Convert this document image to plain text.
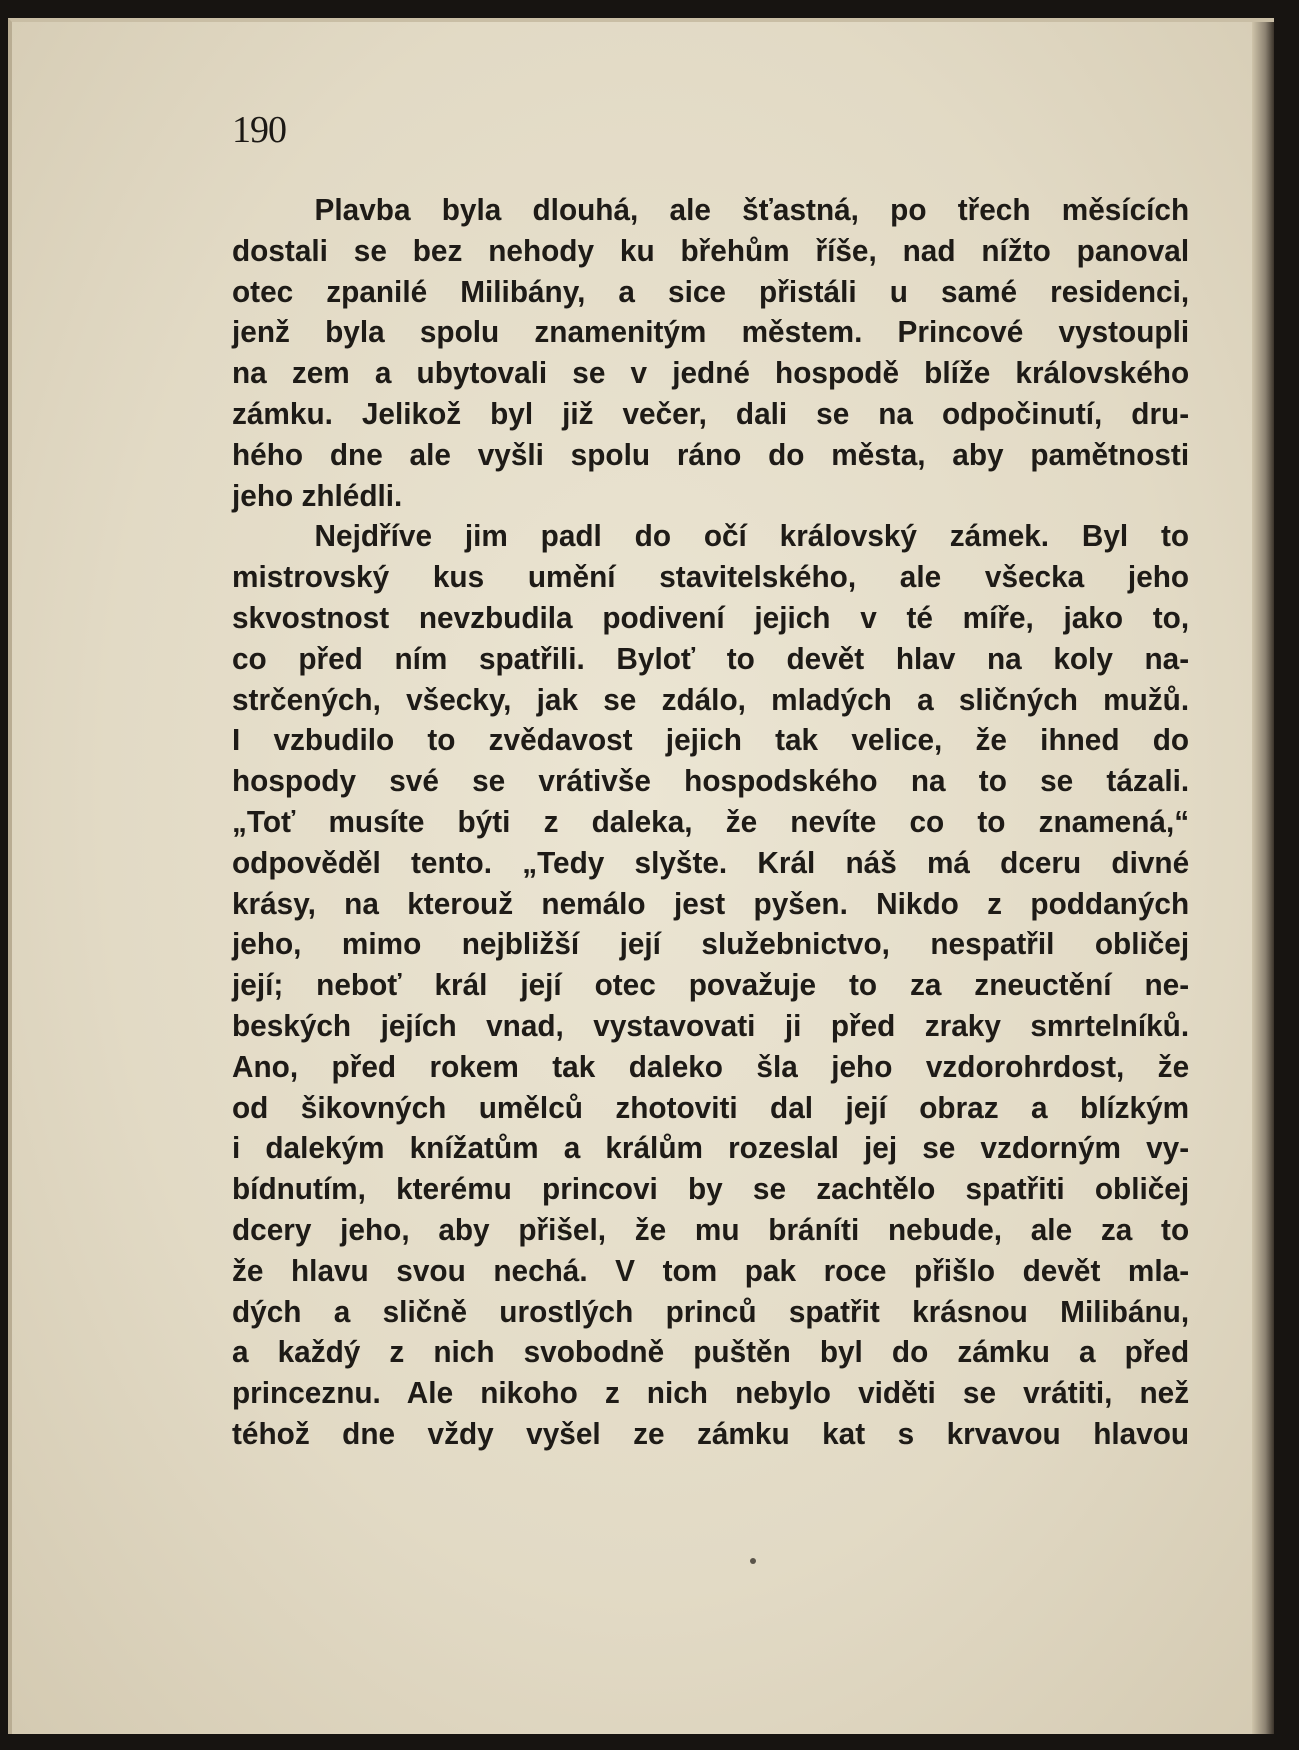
190
Plavba byla dlouhá, ale šťastná, po třech měsících
dostali se bez nehody ku břehům říše, nad nížto panoval
otec zpanilé Milibány, a sice přistáli u samé residenci,
jenž byla spolu znamenitým městem. Princové vystoupli
na zem a ubytovali se v jedné hospodě blíže královského
zámku. Jelikož byl již večer, dali se na odpočinutí, dru-
hého dne ale vyšli spolu ráno do města, aby pamětnosti
jeho zhlédli.
Nejdříve jim padl do očí královský zámek. Byl to
mistrovský kus umění stavitelského, ale všecka jeho
skvostnost nevzbudila podivení jejich v té míře, jako to,
co před ním spatřili. Byloť to devět hlav na koly na-
strčených, všecky, jak se zdálo, mladých a sličných mužů.
I vzbudilo to zvědavost jejich tak velice, že ihned do
hospody své se vrátivše hospodského na to se tázali.
„Toť musíte býti z daleka, že nevíte co to znamená,“
odpověděl tento. „Tedy slyšte. Král náš má dceru divné
krásy, na kterouž nemálo jest pyšen. Nikdo z poddaných
jeho, mimo nejbližší její služebnictvo, nespatřil obličej
její; neboť král její otec považuje to za zneuctění ne-
beských jejích vnad, vystavovati ji před zraky smrtelníků.
Ano, před rokem tak daleko šla jeho vzdorohrdost, že
od šikovných umělců zhotoviti dal její obraz a blízkým
i dalekým knížatům a králům rozeslal jej se vzdorným vy-
bídnutím, kterému princovi by se zachtělo spatřiti obličej
dcery jeho, aby přišel, že mu bráníti nebude, ale za to
že hlavu svou nechá. V tom pak roce přišlo devět mla-
dých a sličně urostlých princů spatřit krásnou Milibánu,
a každý z nich svobodně puštěn byl do zámku a před
princeznu. Ale nikoho z nich nebylo viděti se vrátiti, než
téhož dne vždy vyšel ze zámku kat s krvavou hlavou
